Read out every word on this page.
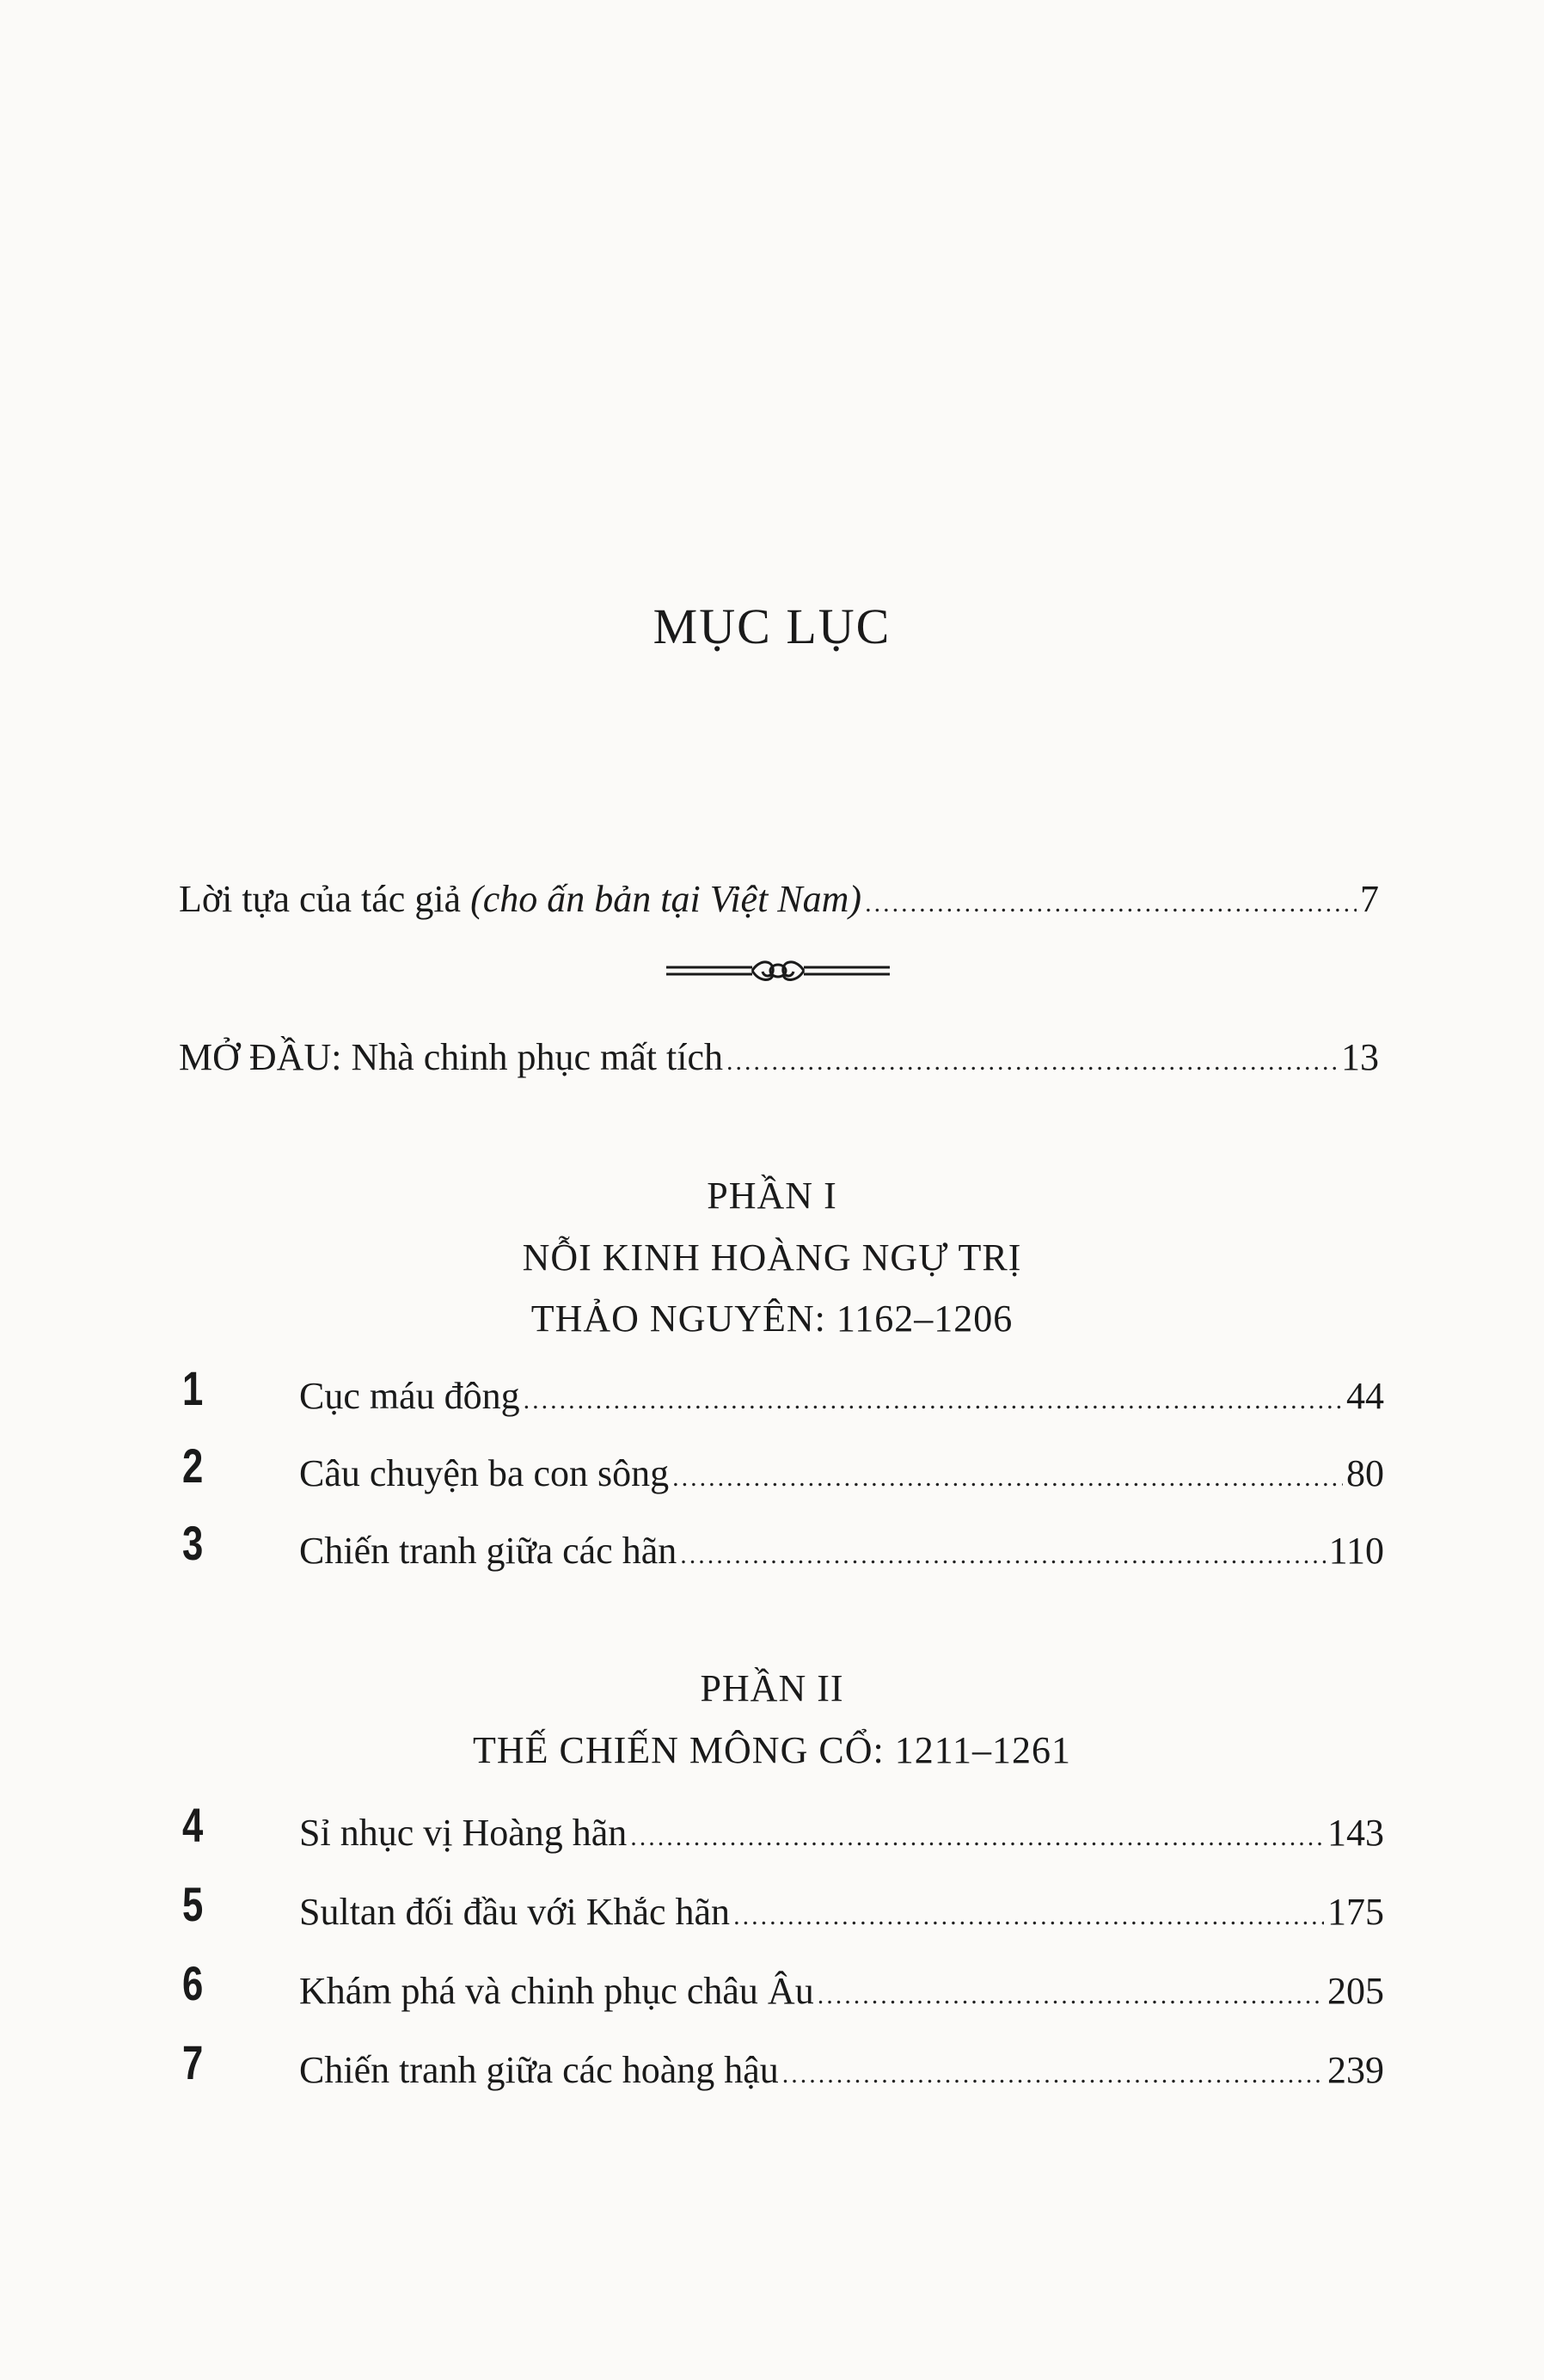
MỤC LỤC
Lời tựa của tác giả (cho ấn bản tại Việt Nam) .....	7
MỞ ĐẦU: Nhà chinh phục mất tích .....	13
PHẦN I
NỖI KINH HOÀNG NGỰ TRỊ
THẢO NGUYÊN: 1162–1206
1	Cục máu đông .....	44
2	Câu chuyện ba con sông .....	80
3	Chiến tranh giữa các hãn .....	110
PHẦN II
THẾ CHIẾN MÔNG CỔ: 1211–1261
4	Sỉ nhục vị Hoàng hãn .....	143
5	Sultan đối đầu với Khắc hãn .....	175
6	Khám phá và chinh phục châu Âu .....	205
7	Chiến tranh giữa các hoàng hậu .....	239
